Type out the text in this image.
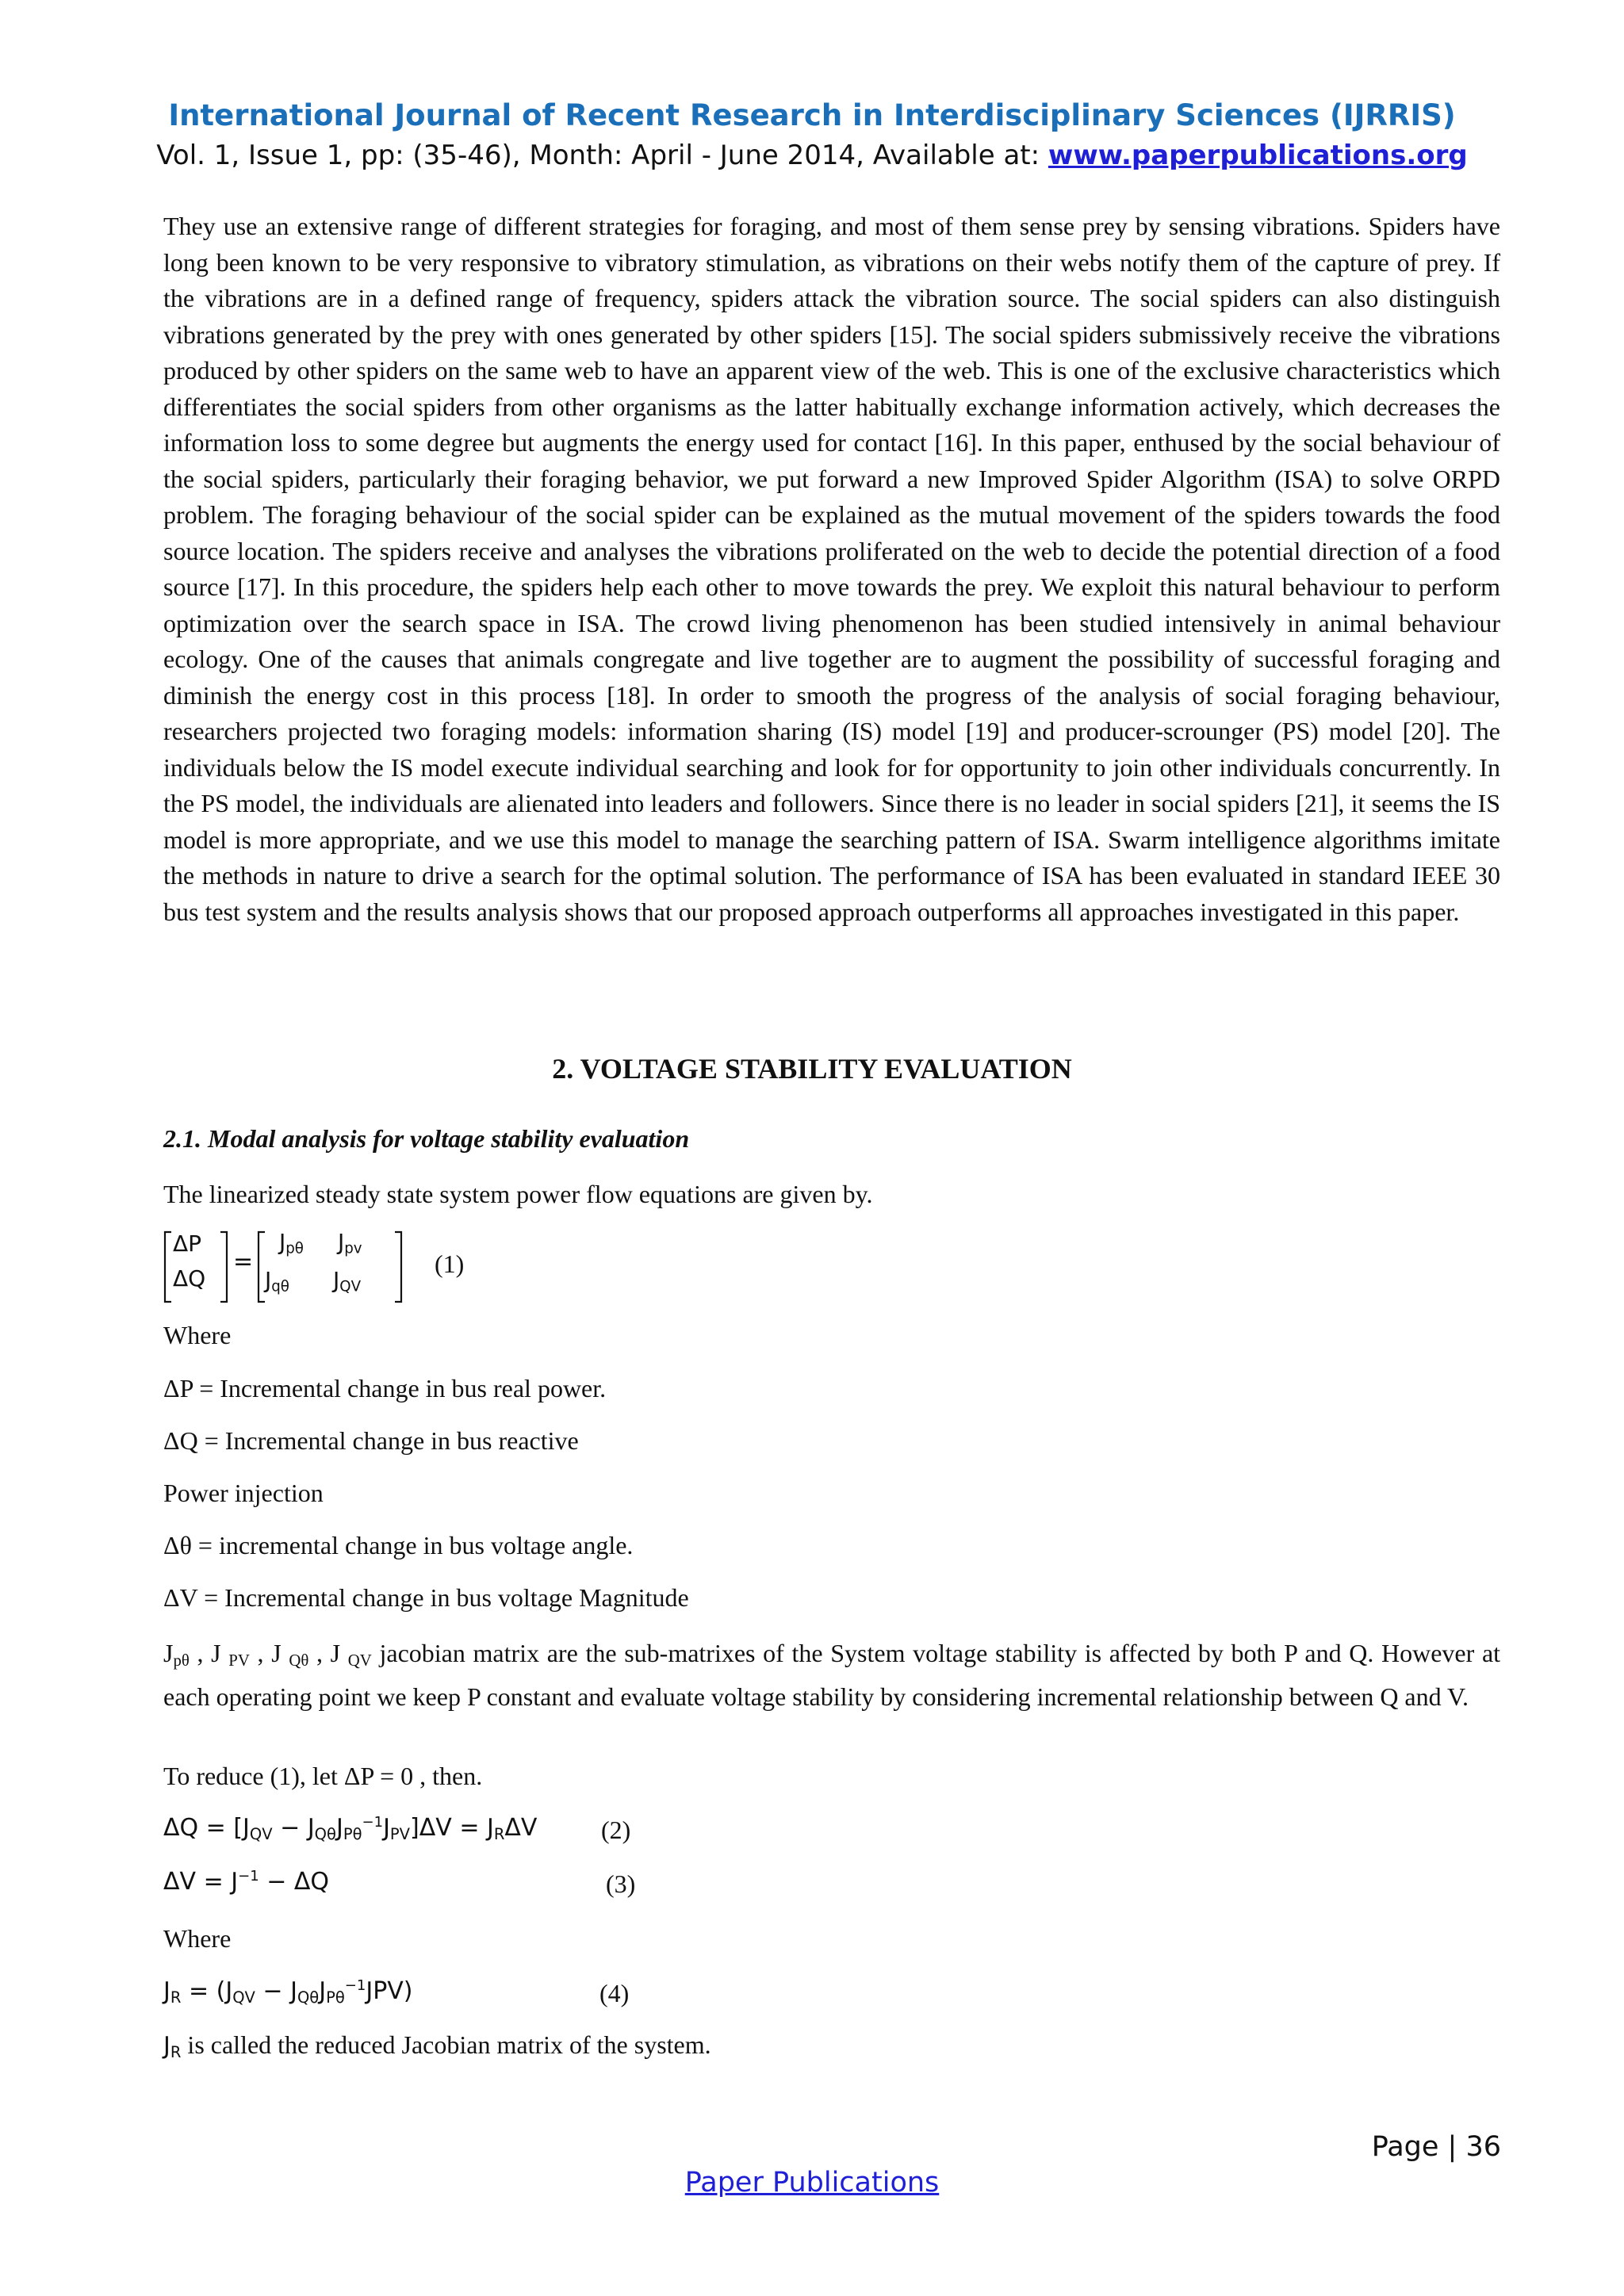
International Journal of Recent Research in Interdisciplinary Sciences (IJRRIS)
Vol. 1, Issue 1, pp: (35-46), Month: April - June 2014, Available at: www.paperpublications.org
They use an extensive range of different strategies for foraging, and most of them sense prey by sensing vibrations. Spiders have long been known to be very responsive to vibratory stimulation, as vibrations on their webs notify them of the capture of prey. If the vibrations are in a defined range of frequency, spiders attack the vibration source. The social spiders can also distinguish vibrations generated by the prey with ones generated by other spiders [15]. The social spiders submissively receive the vibrations produced by other spiders on the same web to have an apparent view of the web. This is one of the exclusive characteristics which differentiates the social spiders from other organisms as the latter habitually exchange information actively, which decreases the information loss to some degree but augments the energy used for contact [16]. In this paper, enthused by the social behaviour of the social spiders, particularly their foraging behavior, we put forward a new Improved Spider Algorithm (ISA) to solve ORPD problem. The foraging behaviour of the social spider can be explained as the mutual movement of the spiders towards the food source location. The spiders receive and analyses the vibrations proliferated on the web to decide the potential direction of a food source [17]. In this procedure, the spiders help each other to move towards the prey. We exploit this natural behaviour to perform optimization over the search space in ISA. The crowd living phenomenon has been studied intensively in animal behaviour ecology. One of the causes that animals congregate and live together are to augment the possibility of successful foraging and diminish the energy cost in this process [18]. In order to smooth the progress of the analysis of social foraging behaviour, researchers projected two foraging models: information sharing (IS) model [19] and producer-scrounger (PS) model [20]. The individuals below the IS model execute individual searching and look for for opportunity to join other individuals concurrently. In the PS model, the individuals are alienated into leaders and followers. Since there is no leader in social spiders [21], it seems the IS model is more appropriate, and we use this model to manage the searching pattern of ISA. Swarm intelligence algorithms imitate the methods in nature to drive a search for the optimal solution. The performance of ISA has been evaluated in standard IEEE 30 bus test system and the results analysis shows that our proposed approach outperforms all approaches investigated in this paper.
2. VOLTAGE STABILITY EVALUATION
2.1. Modal analysis for voltage stability evaluation
The linearized steady state system power flow equations are given by.
ΔP
ΔQ
=
$J_{p\theta}$ $J_{pv}$
$J_{q\theta}$ $J_{QV}$
(1)
Where
ΔP = Incremental change in bus real power.
ΔQ = Incremental change in bus reactive
Power injection
Δθ = incremental change in bus voltage angle.
ΔV = Incremental change in bus voltage Magnitude
$J_{p\theta}$ , J $_{PV}$ , J $_{Q\theta}$ , J $_{QV}$ jacobian matrix are the sub-matrixes of the System voltage stability is affected by both P and Q. However at each operating point we keep P constant and evaluate voltage stability by considering incremental relationship between Q and V.
To reduce (1), let ΔP = 0 , then.
$\Delta Q = [J_{QV} - J_{Q\theta}J_{P\theta}^{-1}J_{PV}]\Delta V = J_R\Delta V$	(2)
$\Delta V = J^{-1} - \Delta Q$	(3)
Where
$J_R = (J_{QV} - J_{Q\theta}J_{P\theta}^{-1}JPV)$	(4)
$J_R$ is called the reduced Jacobian matrix of the system.
Page | 36
Paper Publications
